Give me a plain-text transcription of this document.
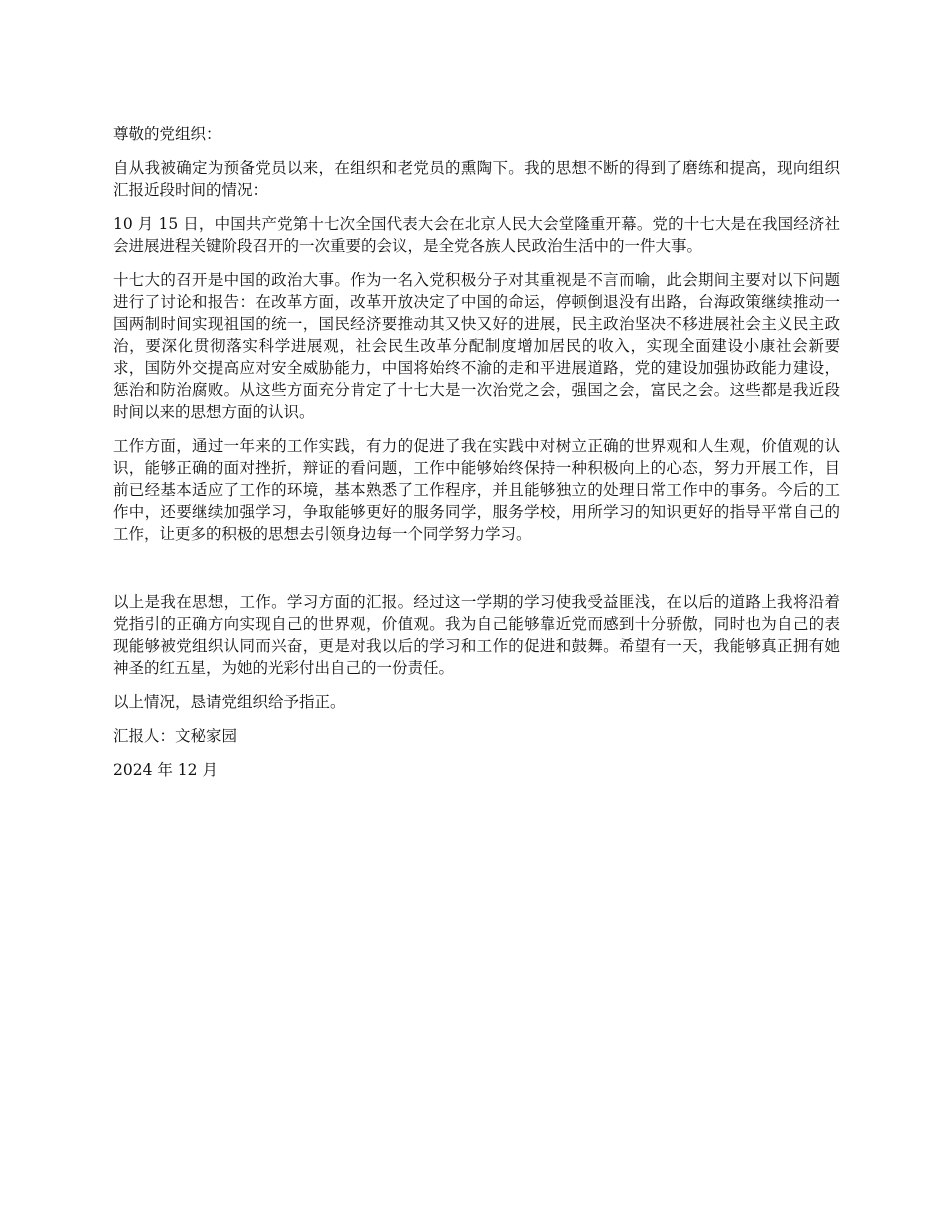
尊敬的党组织：

自从我被确定为预备党员以来，在组织和老党员的熏陶下。我的思想不断的得到了磨练和提高，现向组织汇报近段时间的情况：

10 月 15 日，中国共产党第十七次全国代表大会在北京人民大会堂隆重开幕。党的十七大是在我国经济社会进展进程关键阶段召开的一次重要的会议，是全党各族人民政治生活中的一件大事。

十七大的召开是中国的政治大事。作为一名入党积极分子对其重视是不言而喻，此会期间主要对以下问题进行了讨论和报告：在改革方面，改革开放决定了中国的命运，停顿倒退没有出路，台海政策继续推动一国两制时间实现祖国的统一，国民经济要推动其又快又好的进展，民主政治坚决不移进展社会主义民主政治，要深化贯彻落实科学进展观，社会民生改革分配制度增加居民的收入，实现全面建设小康社会新要求，国防外交提高应对安全威胁能力，中国将始终不渝的走和平进展道路，党的建设加强协政能力建设，惩治和防治腐败。从这些方面充分肯定了十七大是一次治党之会，强国之会，富民之会。这些都是我近段时间以来的思想方面的认识。

工作方面，通过一年来的工作实践，有力的促进了我在实践中对树立正确的世界观和人生观，价值观的认识，能够正确的面对挫折，辩证的看问题，工作中能够始终保持一种积极向上的心态，努力开展工作，目前已经基本适应了工作的环境，基本熟悉了工作程序，并且能够独立的处理日常工作中的事务。今后的工作中，还要继续加强学习，争取能够更好的服务同学，服务学校，用所学习的知识更好的指导平常自己的工作，让更多的积极的思想去引领身边每一个同学努力学习。

以上是我在思想，工作。学习方面的汇报。经过这一学期的学习使我受益匪浅，在以后的道路上我将沿着党指引的正确方向实现自己的世界观，价值观。我为自己能够靠近党而感到十分骄傲，同时也为自己的表现能够被党组织认同而兴奋，更是对我以后的学习和工作的促进和鼓舞。希望有一天，我能够真正拥有她神圣的红五星，为她的光彩付出自己的一份责任。

以上情况，恳请党组织给予指正。

汇报人：文秘家园

2024 年 12 月
